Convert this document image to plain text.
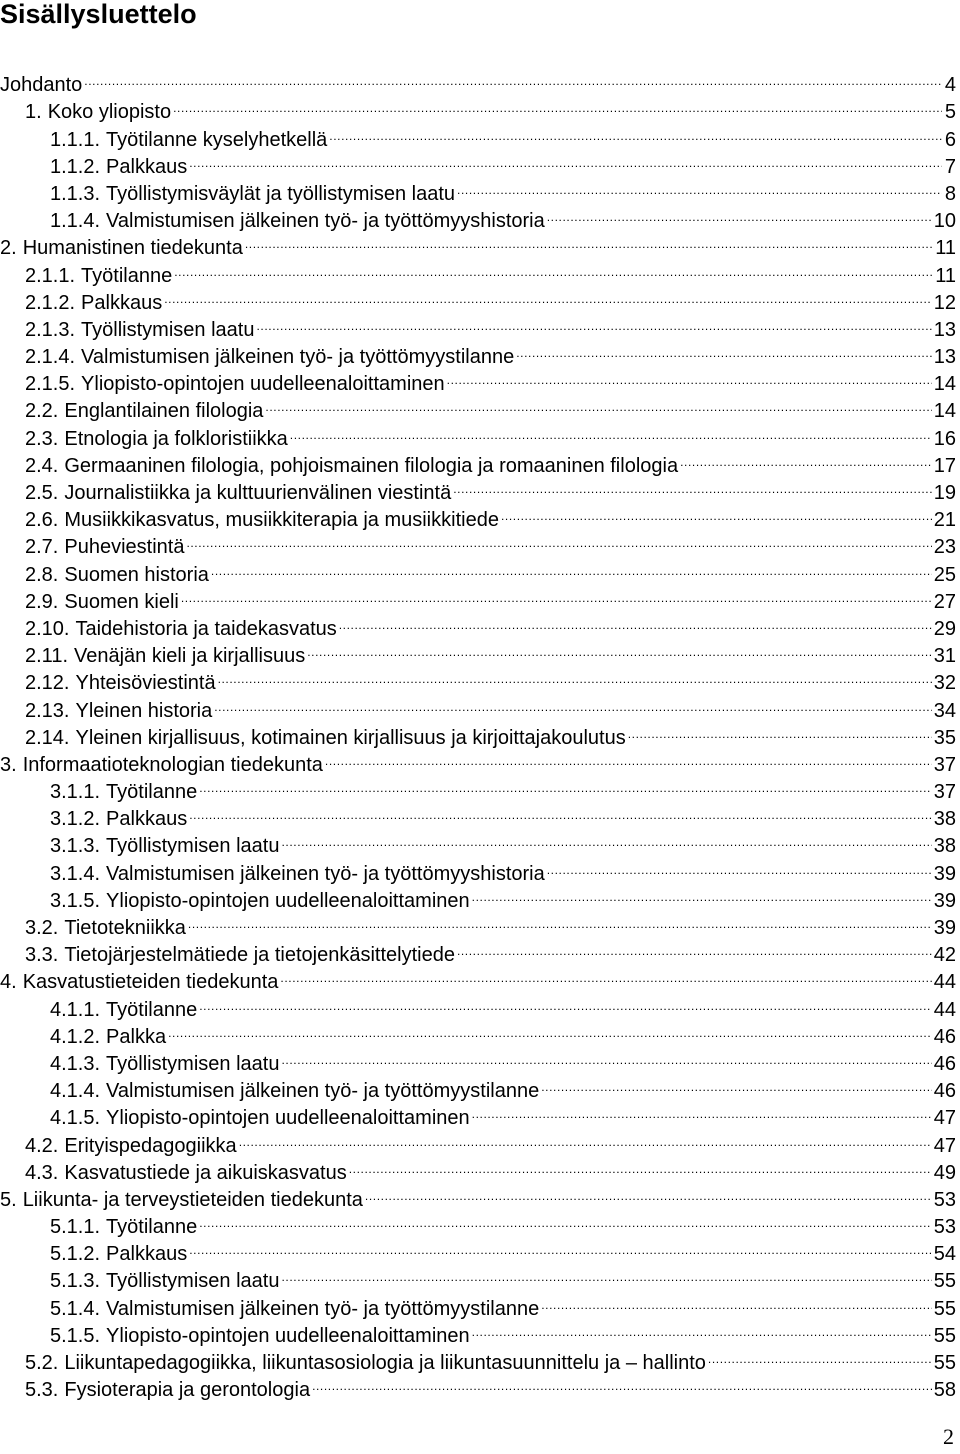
Sisällysluettelo
Johdanto .....	4
1. Koko yliopisto .....	5
1.1.1. Työtilanne kyselyhetkellä .....	6
1.1.2. Palkkaus .....	7
1.1.3. Työllistymisväylät ja työllistymisen laatu .....	8
1.1.4. Valmistumisen jälkeinen työ- ja työttömyyshistoria .....	10
2. Humanistinen tiedekunta .....	11
2.1.1. Työtilanne .....	11
2.1.2. Palkkaus .....	12
2.1.3. Työllistymisen laatu .....	13
2.1.4. Valmistumisen jälkeinen työ- ja työttömyystilanne .....	13
2.1.5. Yliopisto-opintojen uudelleenaloittaminen .....	14
2.2. Englantilainen filologia .....	14
2.3. Etnologia ja folkloristiikka .....	16
2.4. Germaaninen filologia, pohjoismainen filologia ja romaaninen filologia .....	17
2.5. Journalistiikka ja kulttuurienvälinen viestintä .....	19
2.6. Musiikkikasvatus, musiikkiterapia ja musiikkitiede .....	21
2.7. Puheviestintä .....	23
2.8. Suomen historia .....	25
2.9. Suomen kieli .....	27
2.10. Taidehistoria ja taidekasvatus .....	29
2.11. Venäjän kieli ja kirjallisuus .....	31
2.12. Yhteisöviestintä .....	32
2.13. Yleinen historia .....	34
2.14. Yleinen kirjallisuus, kotimainen kirjallisuus ja kirjoittajakoulutus .....	35
3. Informaatioteknologian tiedekunta .....	37
3.1.1. Työtilanne .....	37
3.1.2. Palkkaus .....	38
3.1.3. Työllistymisen laatu .....	38
3.1.4. Valmistumisen jälkeinen työ- ja työttömyyshistoria .....	39
3.1.5. Yliopisto-opintojen uudelleenaloittaminen .....	39
3.2. Tietotekniikka .....	39
3.3. Tietojärjestelmätiede ja tietojenkäsittelytiede .....	42
4. Kasvatustieteiden tiedekunta .....	44
4.1.1. Työtilanne .....	44
4.1.2. Palkka .....	46
4.1.3. Työllistymisen laatu .....	46
4.1.4. Valmistumisen jälkeinen työ- ja työttömyystilanne .....	46
4.1.5. Yliopisto-opintojen uudelleenaloittaminen .....	47
4.2. Erityispedagogiikka .....	47
4.3. Kasvatustiede ja aikuiskasvatus .....	49
5. Liikunta- ja terveystieteiden tiedekunta .....	53
5.1.1. Työtilanne .....	53
5.1.2. Palkkaus .....	54
5.1.3. Työllistymisen laatu .....	55
5.1.4. Valmistumisen jälkeinen työ- ja työttömyystilanne .....	55
5.1.5. Yliopisto-opintojen uudelleenaloittaminen .....	55
5.2. Liikuntapedagogiikka, liikuntasosiologia ja liikuntasuunnittelu ja – hallinto .....	55
5.3. Fysioterapia ja gerontologia .....	58
2
